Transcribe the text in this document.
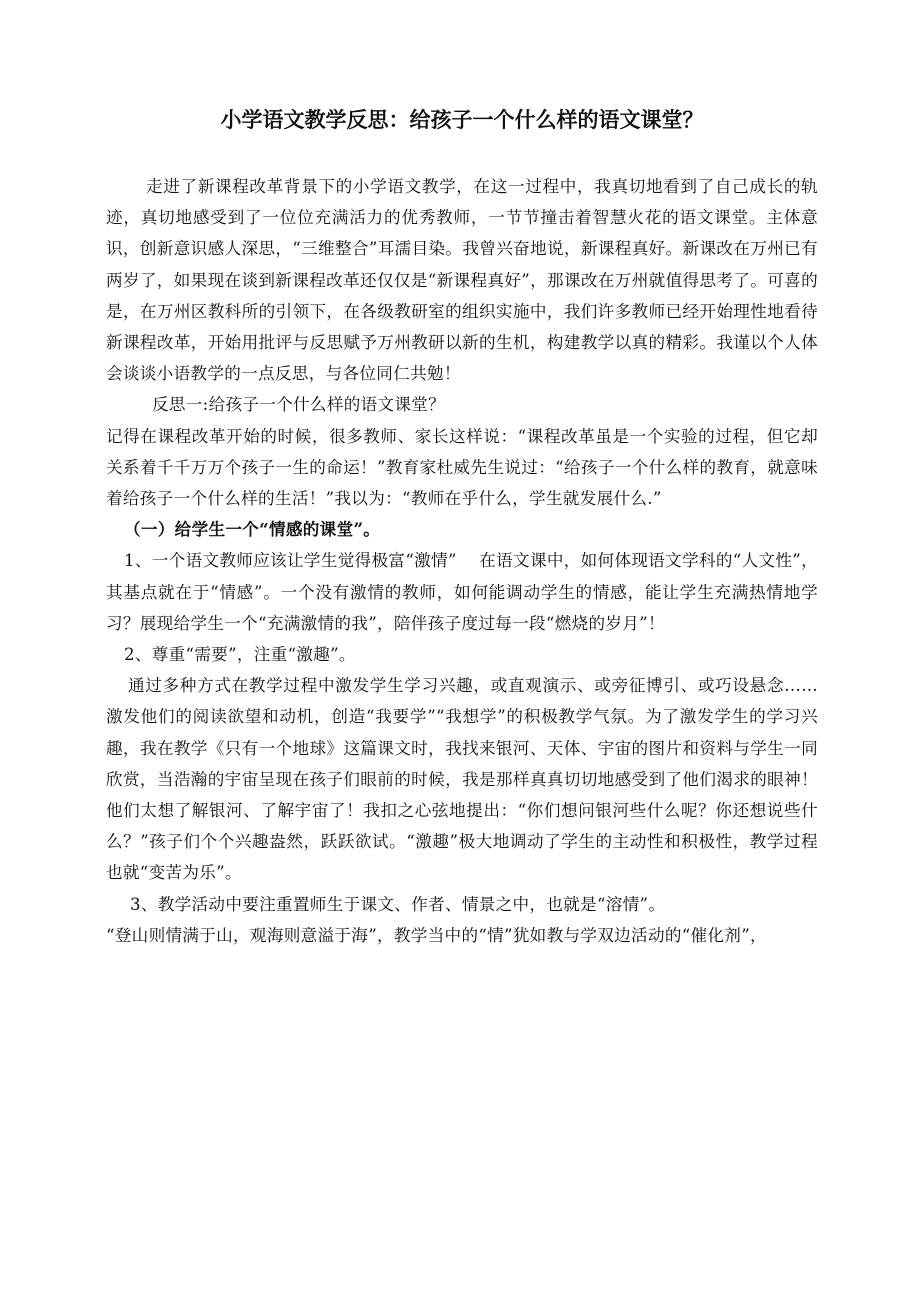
小学语文教学反思：给孩子一个什么样的语文课堂？

走进了新课程改革背景下的小学语文教学，在这一过程中，我真切地看到了自己成长的轨迹，真切地感受到了一位位充满活力的优秀教师，一节节撞击着智慧火花的语文课堂。主体意识，创新意识感人深思，“三维整合”耳濡目染。我曾兴奋地说，新课程真好。新课改在万州已有两岁了，如果现在谈到新课程改革还仅仅是“新课程真好”，那课改在万州就值得思考了。可喜的是，在万州区教科所的引领下，在各级教研室的组织实施中，我们许多教师已经开始理性地看待新课程改革，开始用批评与反思赋予万州教研以新的生机，构建教学以真的精彩。我谨以个人体会谈谈小语教学的一点反思，与各位同仁共勉！

反思一:给孩子一个什么样的语文课堂？

记得在课程改革开始的时候，很多教师、家长这样说：“课程改革虽是一个实验的过程，但它却关系着千千万万个孩子一生的命运！”教育家杜威先生说过：“给孩子一个什么样的教育，就意味着给孩子一个什么样的生活！”我以为：“教师在乎什么，学生就发展什么.”

（一）给学生一个“情感的课堂”。

1、一个语文教师应该让学生觉得极富“激情”　 在语文课中，如何体现语文学科的“人文性”，其基点就在于“情感”。一个没有激情的教师，如何能调动学生的情感，能让学生充满热情地学习？展现给学生一个“充满激情的我”，陪伴孩子度过每一段“燃烧的岁月”！

2、尊重“需要”，注重“激趣”。

通过多种方式在教学过程中激发学生学习兴趣，或直观演示、或旁征博引、或巧设悬念……激发他们的阅读欲望和动机，创造“我要学”“我想学”的积极教学气氛。为了激发学生的学习兴趣，我在教学《只有一个地球》这篇课文时，我找来银河、天体、宇宙的图片和资料与学生一同欣赏，当浩瀚的宇宙呈现在孩子们眼前的时候，我是那样真真切切地感受到了他们渴求的眼神！他们太想了解银河、了解宇宙了！我扣之心弦地提出：“你们想问银河些什么呢？你还想说些什么？”孩子们个个兴趣盎然，跃跃欲试。“激趣”极大地调动了学生的主动性和积极性，教学过程也就“变苦为乐”。

3、教学活动中要注重置师生于课文、作者、情景之中，也就是“溶情”。

“登山则情满于山，观海则意溢于海”，教学当中的“情”犹如教与学双边活动的“催化剂”，
